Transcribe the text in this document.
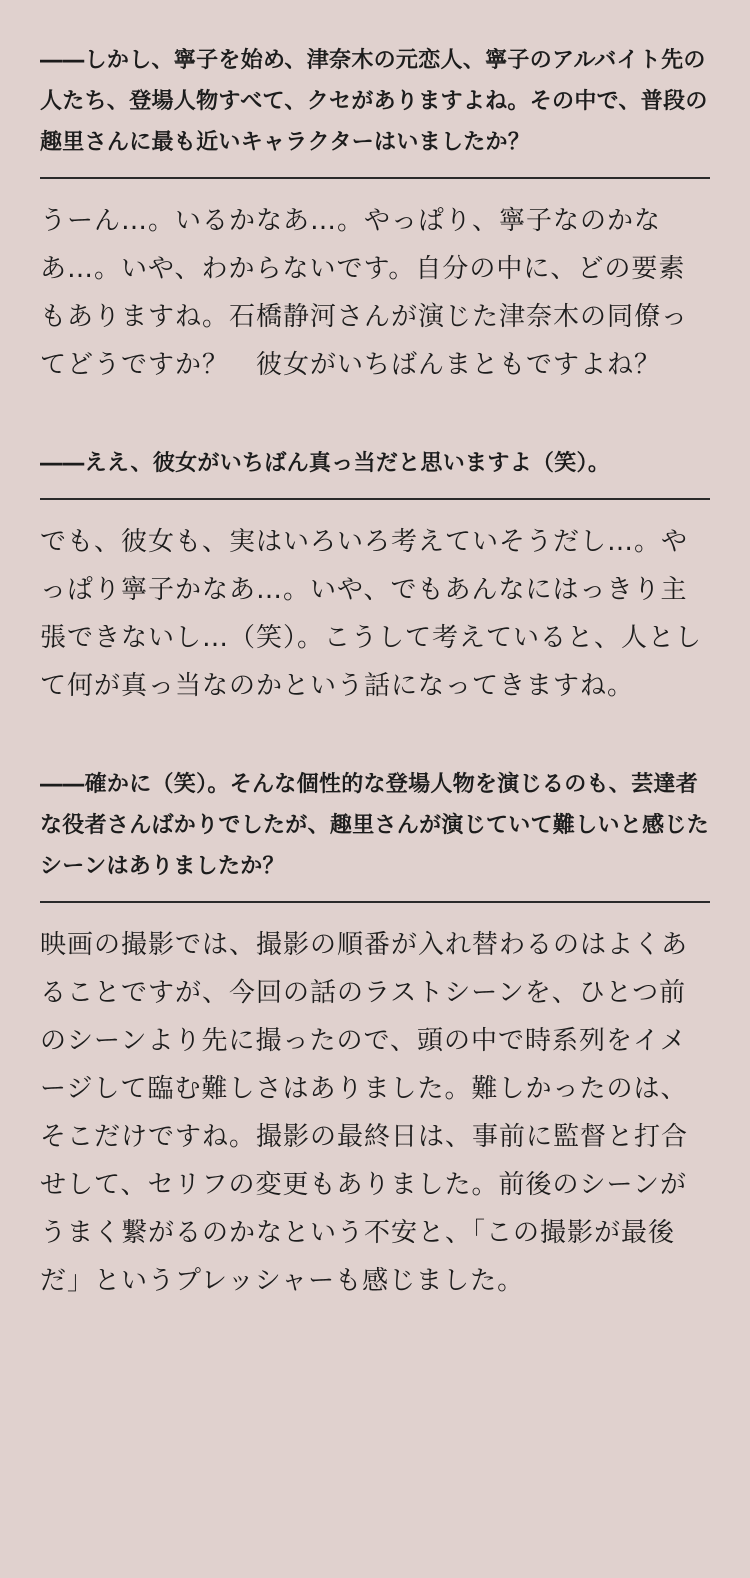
――しかし、寧子を始め、津奈木の元恋人、寧子のアルバイト先の人たち、登場人物すべて、クセがありますよね。その中で、普段の趣里さんに最も近いキャラクターはいましたか？

うーん…。いるかなあ…。やっぱり、寧子なのかなあ…。いや、わからないです。自分の中に、どの要素もありますね。石橋静河さんが演じた津奈木の同僚ってどうですか？　彼女がいちばんまともですよね？

――ええ、彼女がいちばん真っ当だと思いますよ（笑）。

でも、彼女も、実はいろいろ考えていそうだし…。やっぱり寧子かなあ…。いや、でもあんなにはっきり主張できないし…（笑）。こうして考えていると、人として何が真っ当なのかという話になってきますね。

――確かに（笑）。そんな個性的な登場人物を演じるのも、芸達者な役者さんばかりでしたが、趣里さんが演じていて難しいと感じたシーンはありましたか？

映画の撮影では、撮影の順番が入れ替わるのはよくあることですが、今回の話のラストシーンを、ひとつ前のシーンより先に撮ったので、頭の中で時系列をイメージして臨む難しさはありました。難しかったのは、そこだけですね。撮影の最終日は、事前に監督と打合せして、セリフの変更もありました。前後のシーンがうまく繋がるのかなという不安と、「この撮影が最後だ」というプレッシャーも感じました。
